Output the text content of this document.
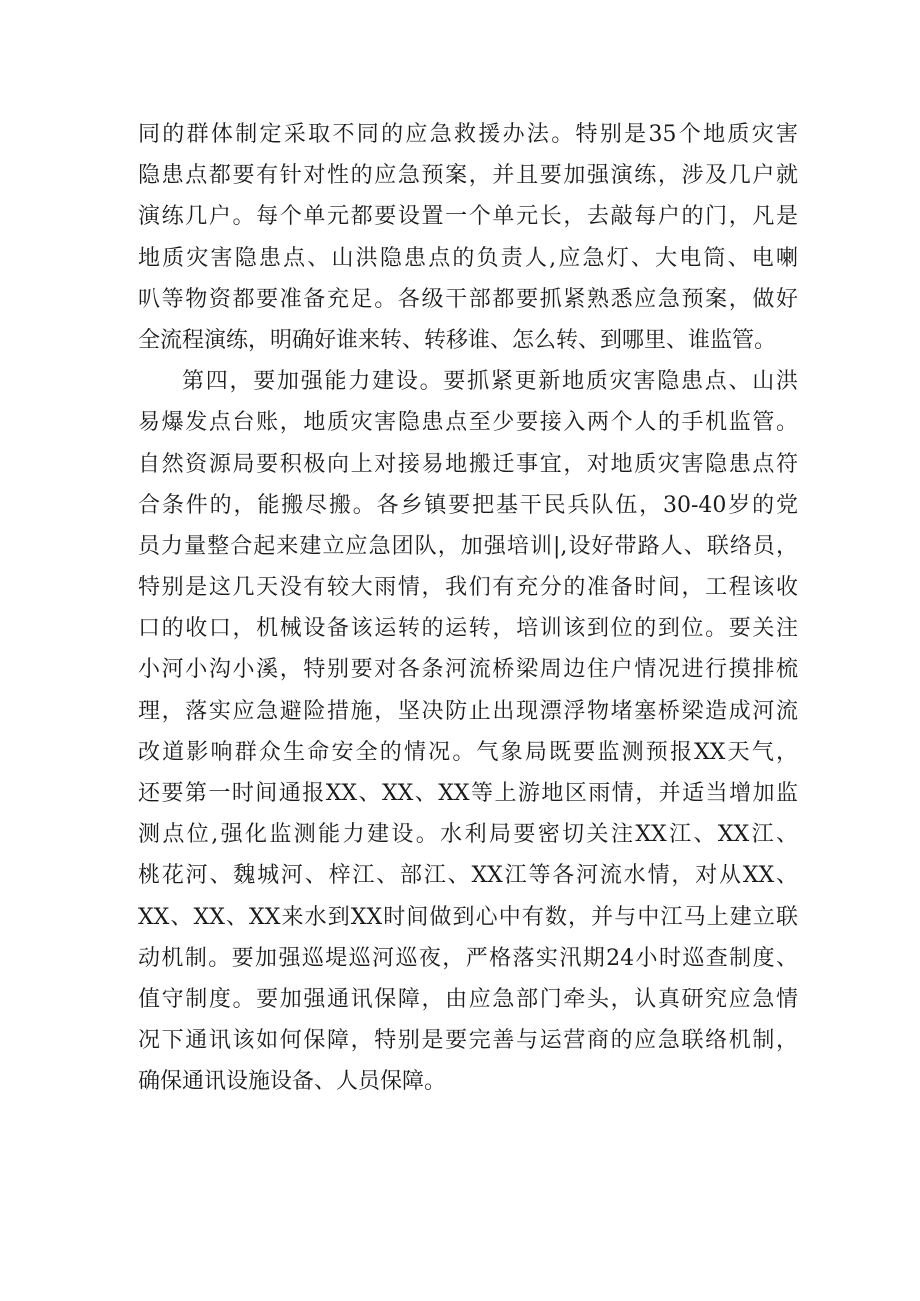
同的群体制定采取不同的应急救援办法。特别是35个地质灾害
隐患点都要有针对性的应急预案，并且要加强演练，涉及几户就
演练几户。每个单元都要设置一个单元长，去敲每户的门，凡是
地质灾害隐患点、山洪隐患点的负责人,应急灯、大电筒、电喇
叭等物资都要准备充足。各级干部都要抓紧熟悉应急预案，做好
全流程演练，明确好谁来转、转移谁、怎么转、到哪里、谁监管。
第四，要加强能力建设。要抓紧更新地质灾害隐患点、山洪
易爆发点台账，地质灾害隐患点至少要接入两个人的手机监管。
自然资源局要积极向上对接易地搬迁事宜，对地质灾害隐患点符
合条件的，能搬尽搬。各乡镇要把基干民兵队伍，30-40岁的党
员力量整合起来建立应急团队，加强培训|,设好带路人、联络员，
特别是这几天没有较大雨情，我们有充分的准备时间，工程该收
口的收口，机械设备该运转的运转，培训该到位的到位。要关注
小河小沟小溪，特别要对各条河流桥梁周边住户情况进行摸排梳
理，落实应急避险措施，坚决防止出现漂浮物堵塞桥梁造成河流
改道影响群众生命安全的情况。气象局既要监测预报XX天气，
还要第一时间通报XX、XX、XX等上游地区雨情，并适当增加监
测点位,强化监测能力建设。水利局要密切关注XX江、XX江、
桃花河、魏城河、梓江、部江、XX江等各河流水情，对从XX、
XX、XX、XX来水到XX时间做到心中有数，并与中江马上建立联
动机制。要加强巡堤巡河巡夜，严格落实汛期24小时巡查制度、
值守制度。要加强通讯保障，由应急部门牵头，认真研究应急情
况下通讯该如何保障，特别是要完善与运营商的应急联络机制，
确保通讯设施设备、人员保障。
